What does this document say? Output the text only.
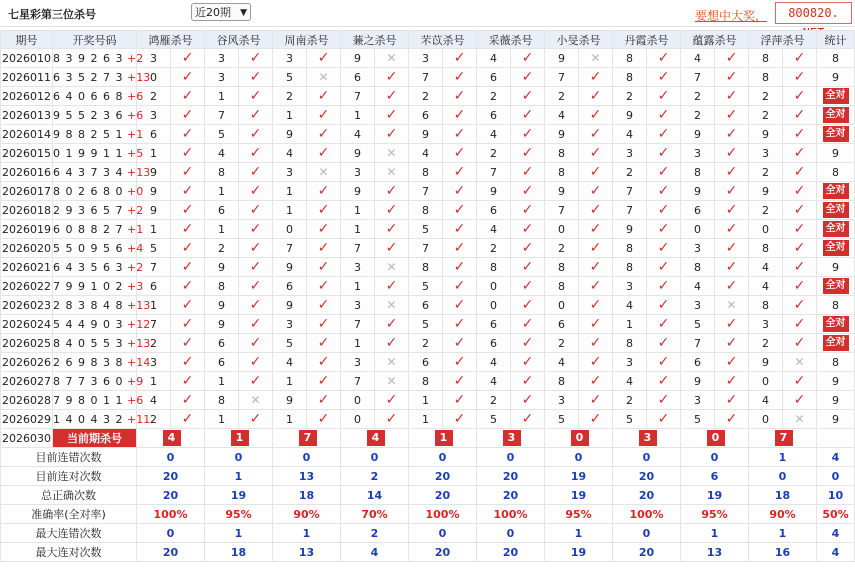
七星彩第三位杀号	近20期 ▼	要想中大奖，	800820.
期号	开奖号码	鸿雁杀号		谷风杀号		周南杀号		蒹之杀号		芣苡杀号		采薇杀号		小旻杀号		丹霞杀号		蕴露杀号		浮萍杀号		统计
2026010	8 3 9 2 6 3 +2	3	✓	3	✓	3	✓	9	✕	3	✓	4	✓	9	✕	8	✓	4	✓	8	✓	8
2026011	6 3 5 2 7 3 +13	0	✓	3	✓	5	✕	6	✓	7	✓	6	✓	7	✓	8	✓	7	✓	8	✓	9
2026012	6 4 0 6 6 8 +6	2	✓	1	✓	2	✓	7	✓	2	✓	2	✓	2	✓	2	✓	2	✓	2	✓	全对
2026013	9 5 5 2 3 6 +6	3	✓	7	✓	1	✓	1	✓	6	✓	6	✓	4	✓	9	✓	2	✓	2	✓	全对
2026014	9 8 8 2 5 1 +1	6	✓	5	✓	9	✓	4	✓	9	✓	4	✓	9	✓	4	✓	9	✓	9	✓	全对
2026015	0 1 9 9 1 1 +5	1	✓	4	✓	4	✓	9	✕	4	✓	2	✓	8	✓	3	✓	3	✓	3	✓	9
2026016	6 4 3 7 3 4 +13	9	✓	8	✓	3	✕	3	✕	8	✓	7	✓	8	✓	2	✓	8	✓	2	✓	8
2026017	8 0 2 6 8 0 +0	9	✓	1	✓	1	✓	9	✓	7	✓	9	✓	9	✓	7	✓	9	✓	9	✓	全对
2026018	2 9 3 6 5 7 +2	9	✓	6	✓	1	✓	1	✓	8	✓	6	✓	7	✓	7	✓	6	✓	2	✓	全对
2026019	6 0 8 8 2 7 +1	1	✓	1	✓	0	✓	1	✓	5	✓	4	✓	0	✓	9	✓	0	✓	0	✓	全对
2026020	5 5 0 9 5 6 +4	5	✓	2	✓	7	✓	7	✓	7	✓	2	✓	2	✓	8	✓	3	✓	8	✓	全对
2026021	6 4 3 5 6 3 +2	7	✓	9	✓	9	✓	3	✕	8	✓	8	✓	8	✓	8	✓	8	✓	4	✓	9
2026022	7 9 9 1 0 2 +3	6	✓	8	✓	6	✓	1	✓	5	✓	0	✓	8	✓	3	✓	4	✓	4	✓	全对
2026023	2 8 3 8 4 8 +13	1	✓	9	✓	9	✓	3	✕	6	✓	0	✓	0	✓	4	✓	3	✕	8	✓	8
2026024	5 4 4 9 0 3 +12	7	✓	9	✓	3	✓	7	✓	5	✓	6	✓	6	✓	1	✓	5	✓	3	✓	全对
2026025	8 4 0 5 5 3 +13	2	✓	6	✓	5	✓	1	✓	2	✓	6	✓	2	✓	8	✓	7	✓	2	✓	全对
2026026	2 6 9 8 3 8 +14	3	✓	6	✓	4	✓	3	✕	6	✓	4	✓	4	✓	3	✓	6	✓	9	✕	8
2026027	8 7 7 3 6 0 +9	1	✓	1	✓	1	✓	7	✕	8	✓	4	✓	8	✓	4	✓	9	✓	0	✓	9
2026028	7 9 8 0 1 1 +6	4	✓	8	✕	9	✓	0	✓	1	✓	2	✓	3	✓	2	✓	3	✓	4	✓	9
2026029	1 4 0 4 3 2 +11	2	✓	1	✓	1	✓	0	✓	1	✓	5	✓	5	✓	5	✓	5	✓	0	✕	9
2026030	当前期杀号	4		1		7		4		1		3		0		3		0		7		
目前连错次数		0		0		0		0		0		0		0		0		0		1		4
目前连对次数		20		1		13		2		20		20		19		20		6		0		0
总正确次数		20		19		18		14		20		20		19		20		19		18		10
准确率(全对率)		100%		95%		90%		70%		100%		100%		95%		100%		95%		90%		50%
最大连错次数		0		1		1		2		0		0		1		0		1		1		4
最大连对次数		20		18		13		4		20		20		19		20		13		16		4
